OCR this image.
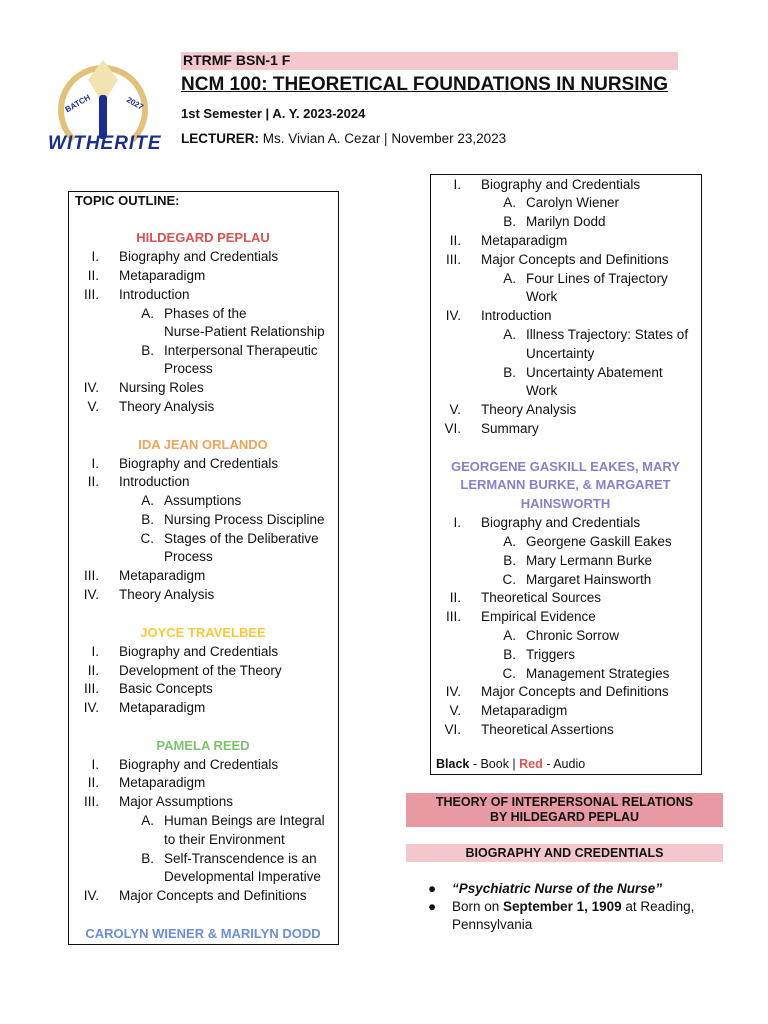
BATCH	2027
WITHERITE
RTRMF BSN-1 F
NCM 100: THEORETICAL FOUNDATIONS IN NURSING
1st Semester | A. Y. 2023-2024
LECTURER: Ms. Vivian A. Cezar | November 23,2023
TOPIC OUTLINE:
HILDEGARD PEPLAU
I. Biography and Credentials
II. Metaparadigm
III. Introduction
A. Phases of the
Nurse-Patient Relationship
B. Interpersonal Therapeutic
Process
IV. Nursing Roles
V. Theory Analysis
IDA JEAN ORLANDO
I. Biography and Credentials
II. Introduction
A. Assumptions
B. Nursing Process Discipline
C. Stages of the Deliberative
Process
III. Metaparadigm
IV. Theory Analysis
JOYCE TRAVELBEE
I. Biography and Credentials
II. Development of the Theory
III. Basic Concepts
IV. Metaparadigm
PAMELA REED
I. Biography and Credentials
II. Metaparadigm
III. Major Assumptions
A. Human Beings are Integral
to their Environment
B. Self-Transcendence is an
Developmental Imperative
IV. Major Concepts and Definitions
CAROLYN WIENER & MARILYN DODD
I. Biography and Credentials
A. Carolyn Wiener
B. Marilyn Dodd
II. Metaparadigm
III. Major Concepts and Definitions
A. Four Lines of Trajectory
Work
IV. Introduction
A. Illness Trajectory: States of
Uncertainty
B. Uncertainty Abatement
Work
V. Theory Analysis
VI. Summary
GEORGENE GASKILL EAKES, MARY
LERMANN BURKE, & MARGARET
HAINSWORTH
I. Biography and Credentials
A. Georgene Gaskill Eakes
B. Mary Lermann Burke
C. Margaret Hainsworth
II. Theoretical Sources
III. Empirical Evidence
A. Chronic Sorrow
B. Triggers
C. Management Strategies
IV. Major Concepts and Definitions
V. Metaparadigm
VI. Theoretical Assertions
Black - Book | Red - Audio
THEORY OF INTERPERSONAL RELATIONS
BY HILDEGARD PEPLAU
BIOGRAPHY AND CREDENTIALS
● “Psychiatric Nurse of the Nurse”
● Born on September 1, 1909 at Reading,
Pennsylvania
